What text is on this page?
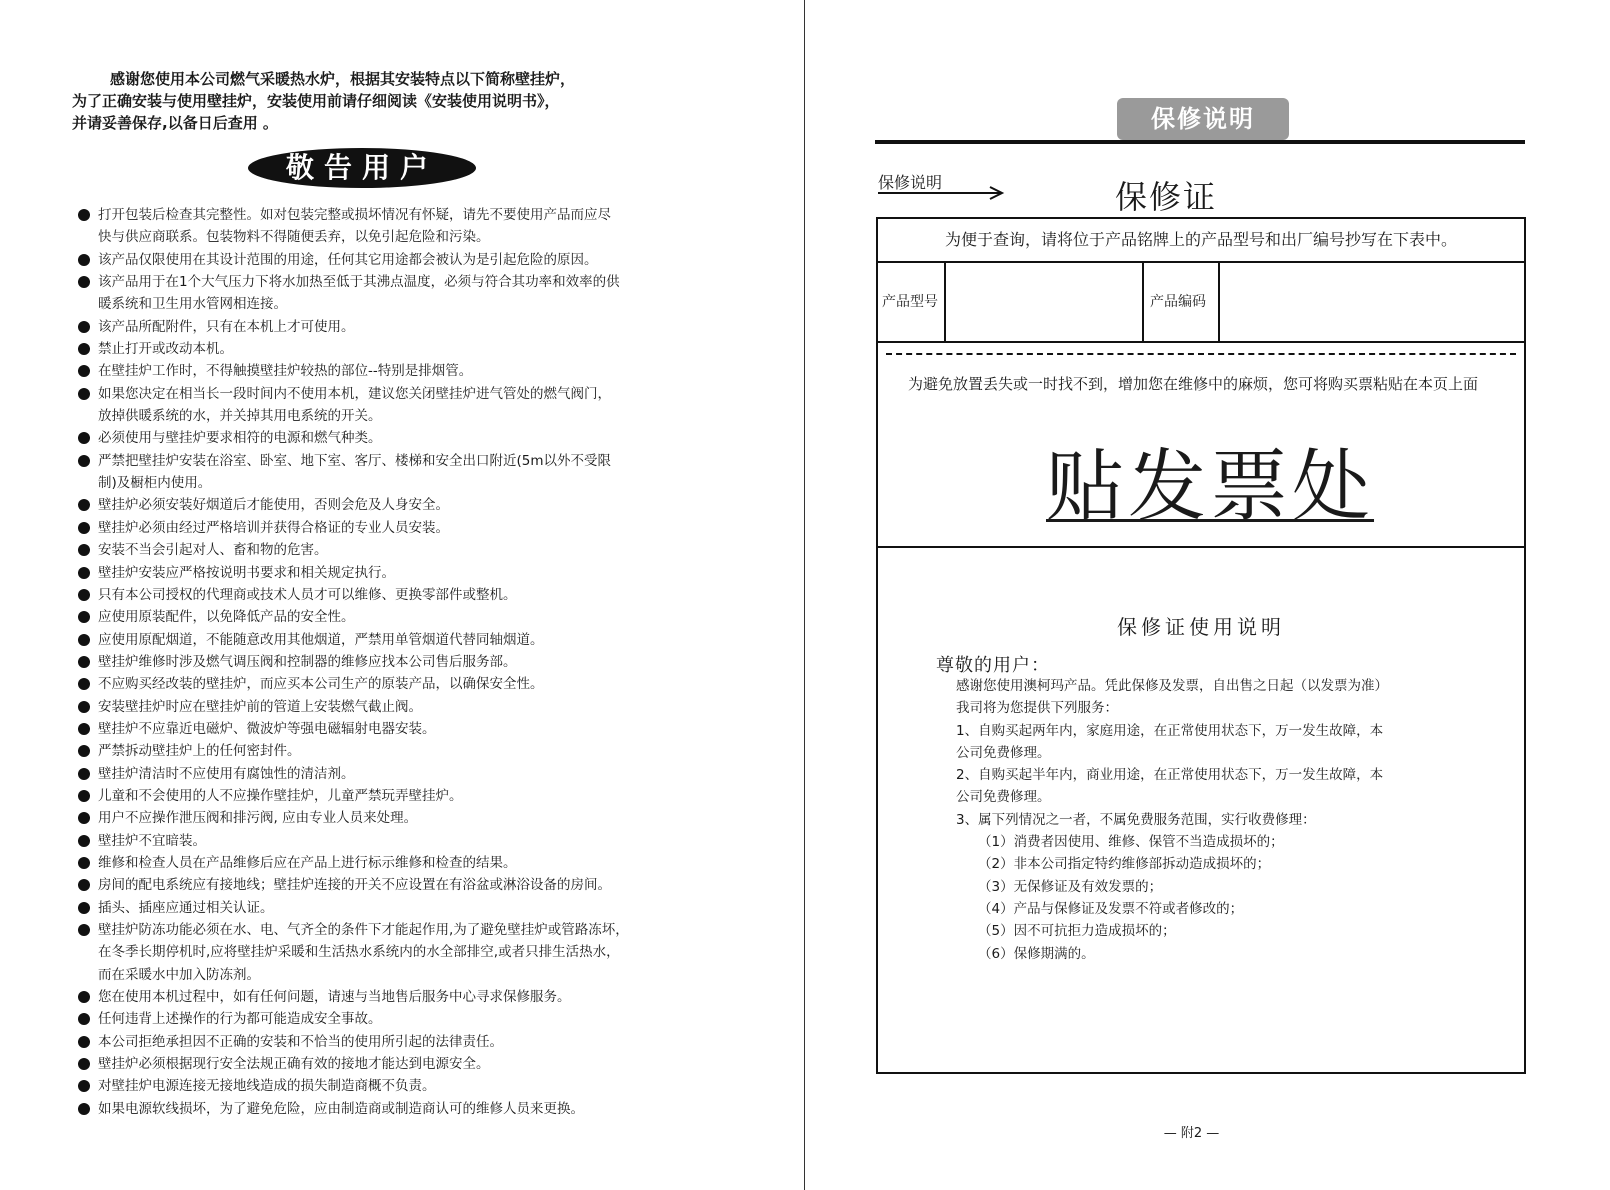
感谢您使用本公司燃气采暖热水炉，根据其安装特点以下简称壁挂炉，

为了正确安装与使用壁挂炉，安装使用前请仔细阅读《安装使用说明书》，

并请妥善保存,以备日后查用 。

敬告用户
打开包装后检查其完整性。如对包装完整或损坏情况有怀疑，请先不要使用产品而应尽
快与供应商联系。包装物料不得随便丢弃，以免引起危险和污染。
该产品仅限使用在其设计范围的用途，任何其它用途都会被认为是引起危险的原因。
该产品用于在1个大气压力下将水加热至低于其沸点温度，必须与符合其功率和效率的供
暖系统和卫生用水管网相连接。
该产品所配附件，只有在本机上才可使用。
禁止打开或改动本机。
在壁挂炉工作时，不得触摸壁挂炉较热的部位--特别是排烟管。
如果您决定在相当长一段时间内不使用本机，建议您关闭壁挂炉进气管处的燃气阀门，
放掉供暖系统的水，并关掉其用电系统的开关。
必须使用与壁挂炉要求相符的电源和燃气种类。
严禁把壁挂炉安装在浴室、卧室、地下室、客厅、楼梯和安全出口附近(5m以外不受限
制)及橱柜内使用。
壁挂炉必须安装好烟道后才能使用，否则会危及人身安全。
壁挂炉必须由经过严格培训并获得合格证的专业人员安装。
安装不当会引起对人、畜和物的危害。
壁挂炉安装应严格按说明书要求和相关规定执行。
只有本公司授权的代理商或技术人员才可以维修、更换零部件或整机。
应使用原装配件，以免降低产品的安全性。
应使用原配烟道，不能随意改用其他烟道，严禁用单管烟道代替同轴烟道。
壁挂炉维修时涉及燃气调压阀和控制器的维修应找本公司售后服务部。
不应购买经改装的壁挂炉，而应买本公司生产的原装产品，以确保安全性。
安装壁挂炉时应在壁挂炉前的管道上安装燃气截止阀。
壁挂炉不应靠近电磁炉、微波炉等强电磁辐射电器安装。
严禁拆动壁挂炉上的任何密封件。
壁挂炉清洁时不应使用有腐蚀性的清洁剂。
儿童和不会使用的人不应操作壁挂炉，儿童严禁玩弄壁挂炉。
用户不应操作泄压阀和排污阀, 应由专业人员来处理。
壁挂炉不宜暗装。
维修和检查人员在产品维修后应在产品上进行标示维修和检查的结果。
房间的配电系统应有接地线；壁挂炉连接的开关不应设置在有浴盆或淋浴设备的房间。
插头、插座应通过相关认证。
壁挂炉防冻功能必须在水、电、气齐全的条件下才能起作用,为了避免壁挂炉或管路冻坏，
在冬季长期停机时,应将壁挂炉采暖和生活热水系统内的水全部排空,或者只排生活热水，
而在采暖水中加入防冻剂。
您在使用本机过程中，如有任何问题，请速与当地售后服务中心寻求保修服务。
任何违背上述操作的行为都可能造成安全事故。
本公司拒绝承担因不正确的安装和不恰当的使用所引起的法律责任。
壁挂炉必须根据现行安全法规正确有效的接地才能达到电源安全。
对壁挂炉电源连接无接地线造成的损失制造商概不负责。
如果电源软线损坏，为了避免危险，应由制造商或制造商认可的维修人员来更换。
保修说明
保修说明	保修证
为便于查询，请将位于产品铭牌上的产品型号和出厂编号抄写在下表中。
产品型号	产品编码
为避免放置丢失或一时找不到，增加您在维修中的麻烦，您可将购买票粘贴在本页上面
贴发票处
保修证使用说明
尊敬的用户：
感谢您使用澳柯玛产品。凭此保修及发票，自出售之日起（以发票为准）
我司将为您提供下列服务：
1、自购买起两年内，家庭用途，在正常使用状态下，万一发生故障，本
公司免费修理。
2、自购买起半年内，商业用途，在正常使用状态下，万一发生故障，本
公司免费修理。
3、属下列情况之一者，不属免费服务范围，实行收费修理：
（1）消费者因使用、维修、保管不当造成损坏的；
（2）非本公司指定特约维修部拆动造成损坏的；
（3）无保修证及有效发票的；
（4）产品与保修证及发票不符或者修改的；
（5）因不可抗拒力造成损坏的；
（6）保修期满的。
— 附2 —
